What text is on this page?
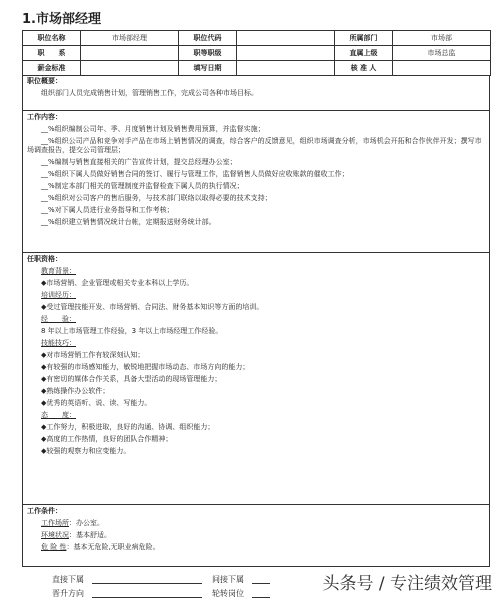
1.市场部经理
职位名称	市场部经理	职位代码		所属部门	市场部
职　　系		职等职级		直属上级	市场总监
薪金标准		填写日期		核 准 人	
职位概要：

组织部门人员完成销售计划，管理销售工作，完成公司各种市场目标。

工作内容：

__%组织编制公司年、季、月度销售计划及销售费用预算，并监督实施；

__%组织公司产品和竞争对手产品在市场上销售情况的调查，综合客户的反馈意见，组织市场调查分析，市场机会开拓和合作伙伴开发；撰写市场调查报告，提交公司管理层；

__%编制与销售直接相关的广告宣传计划，提交总经理办公室；

__%组织下属人员做好销售合同的签订、履行与管理工作，监督销售人员做好应收账款的催收工作；

__%制定本部门相关的管理制度并监督检查下属人员的执行情况；

__%组织对公司客户的售后服务，与技术部门联络以取得必要的技术支持；

__%对下属人员进行业务指导和工作考核；

__%组织建立销售情况统计台帐，定期报送财务统计部。

任职资格：

教育背景：

◆市场营销、企业管理或相关专业本科以上学历。

培训经历：

◆受过管理技能开发、市场营销、合同法、财务基本知识等方面的培训。

经　　验：

8 年以上市场管理工作经验，3 年以上市场经理工作经验。

技能技巧：

◆对市场营销工作有较深刻认知；

◆有较强的市场感知能力，敏锐地把握市场动态、市场方向的能力；

◆有密切的媒体合作关系，具备大型活动的现场管理能力；

◆熟练操作办公软件；

◆优秀的英语听、说、读、写能力。

态　　度：

◆工作努力，积极进取，良好的沟通、协调、组织能力；

◆高度的工作热情，良好的团队合作精神；

◆较强的观察力和应变能力。

工作条件：

工作场所：办公室。

环境状况：基本舒适。

危 险 性：基本无危险,无职业病危险。

直接下属
晋升方向
间接下属
轮转岗位	头条号 / 专注绩效管理
